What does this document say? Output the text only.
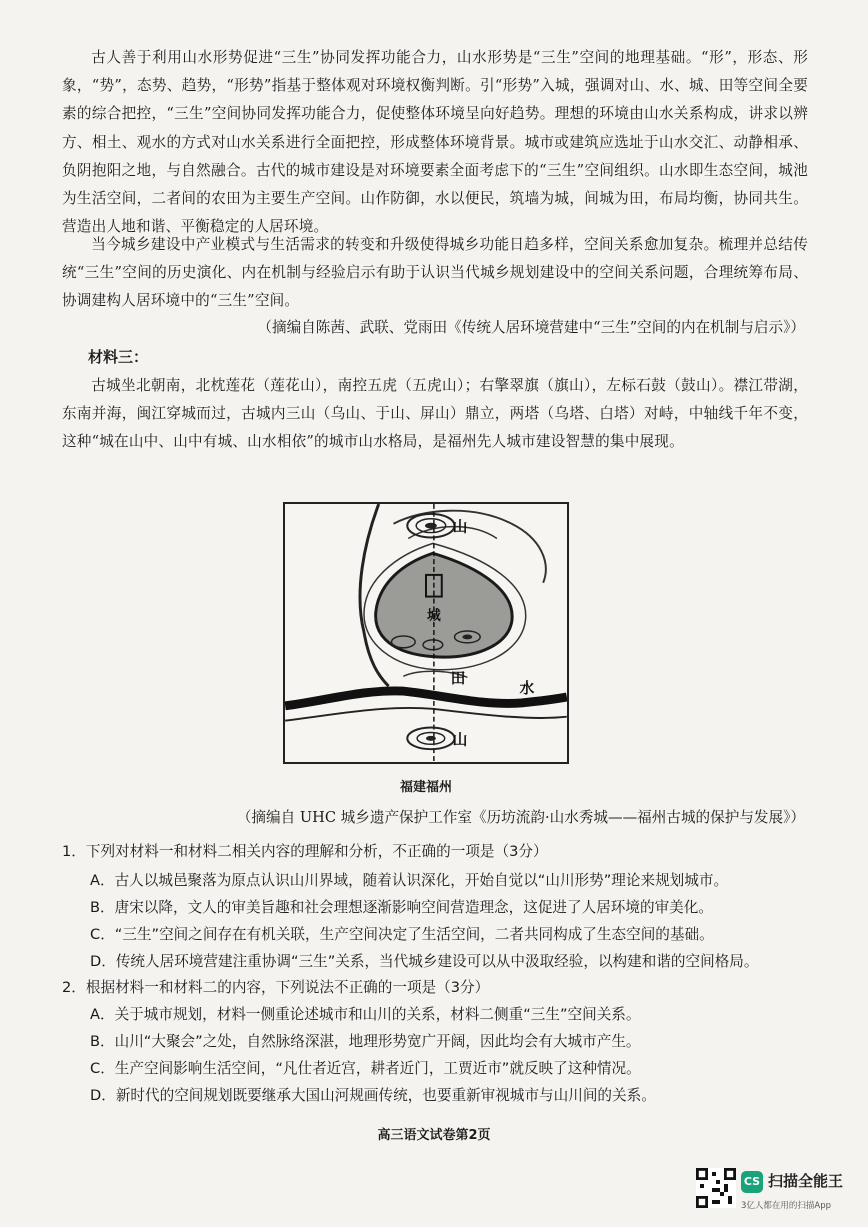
古人善于利用山水形势促进“三生”协同发挥功能合力，山水形势是“三生”空间的地理基础。“形”，形态、形象，“势”，态势、趋势，“形势”指基于整体观对环境权衡判断。引“形势”入城，强调对山、水、城、田等空间全要素的综合把控，“三生”空间协同发挥功能合力，促使整体环境呈向好趋势。理想的环境由山水关系构成，讲求以辨方、相土、观水的方式对山水关系进行全面把控，形成整体环境背景。城市或建筑应选址于山水交汇、动静相承、负阴抱阳之地，与自然融合。古代的城市建设是对环境要素全面考虑下的“三生”空间组织。山水即生态空间，城池为生活空间，二者间的农田为主要生产空间。山作防御，水以便民，筑墙为城，间城为田，布局均衡，协同共生。营造出人地和谐、平衡稳定的人居环境。

当今城乡建设中产业模式与生活需求的转变和升级使得城乡功能日趋多样，空间关系愈加复杂。梳理并总结传统“三生”空间的历史演化、内在机制与经验启示有助于认识当代城乡规划建设中的空间关系问题，合理统筹布局、协调建构人居环境中的“三生”空间。

（摘编自陈茜、武联、党雨田《传统人居环境营建中“三生”空间的内在机制与启示》）

材料三：

古城坐北朝南，北枕莲花（莲花山），南控五虎（五虎山）；右擎翠旗（旗山），左标石鼓（鼓山）。襟江带湖，东南并海，闽江穿城而过，古城内三山（乌山、于山、屏山）鼎立，两塔（乌塔、白塔）对峙，中轴线千年不变，这种“城在山中、山中有城、山水相依”的城市山水格局，是福州先人城市建设智慧的集中展现。

山
城
田
水
山
福建福州

（摘编自 UHC 城乡遗产保护工作室《历坊流韵·山水秀城——福州古城的保护与发展》）

1．下列对材料一和材料二相关内容的理解和分析，不正确的一项是（3分）
A．古人以城邑聚落为原点认识山川界域，随着认识深化，开始自觉以“山川形势”理论来规划城市。
B．唐宋以降，文人的审美旨趣和社会理想逐渐影响空间营造理念，这促进了人居环境的审美化。
C．“三生”空间之间存在有机关联，生产空间决定了生活空间，二者共同构成了生态空间的基础。
D．传统人居环境营建注重协调“三生”关系，当代城乡建设可以从中汲取经验，以构建和谐的空间格局。
2．根据材料一和材料二的内容，下列说法不正确的一项是（3分）
A．关于城市规划，材料一侧重论述城市和山川的关系，材料二侧重“三生”空间关系。
B．山川“大聚会”之处，自然脉络深湛，地理形势宽广开阔，因此均会有大城市产生。
C．生产空间影响生活空间，“凡仕者近宫，耕者近门，工贾近市”就反映了这种情况。
D．新时代的空间规划既要继承大国山河规画传统，也要重新审视城市与山川间的关系。
高三语文试卷第2页
CS 扫描全能王
3亿人都在用的扫描App
